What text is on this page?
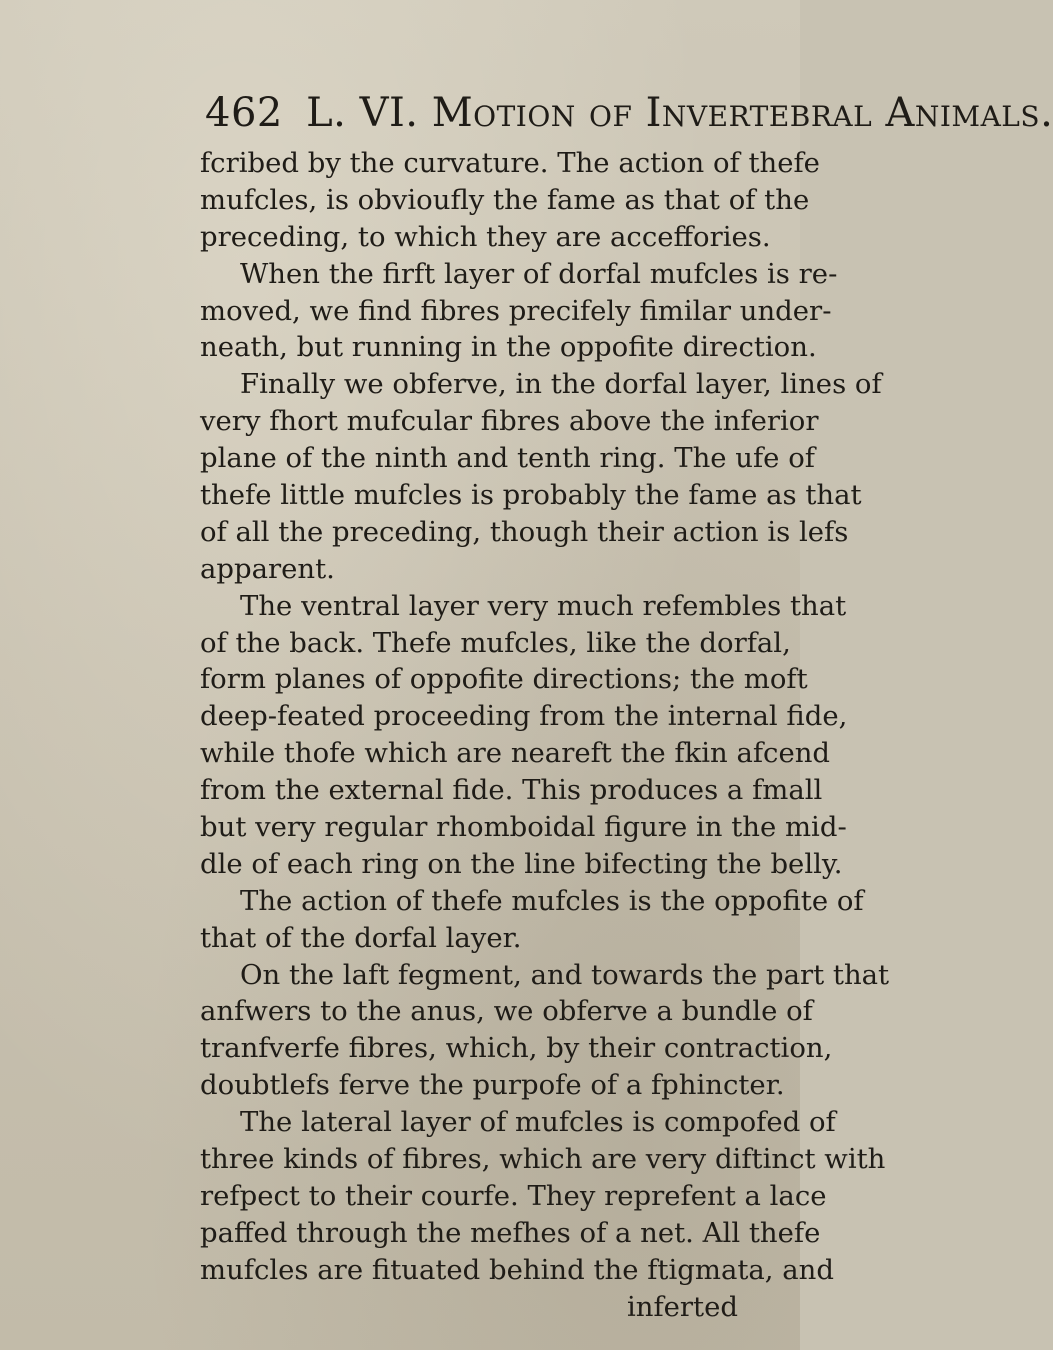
462 L. VI. Motion of Invertebral Animals.
fcribed by the curvature. The action of thefe
mufcles, is obvioufly the fame as that of the
preceding, to which they are acceffories.
When the firft layer of dorfal mufcles is re-
moved, we find fibres precifely fimilar under-
neath, but running in the oppofite direction.
Finally we obferve, in the dorfal layer, lines of
very fhort mufcular fibres above the inferior
plane of the ninth and tenth ring. The ufe of
thefe little mufcles is probably the fame as that
of all the preceding, though their action is lefs
apparent.
The ventral layer very much refembles that
of the back. Thefe mufcles, like the dorfal,
form planes of oppofite directions; the moft
deep-feated proceeding from the internal fide,
while thofe which are neareft the fkin afcend
from the external fide. This produces a fmall
but very regular rhomboidal figure in the mid-
dle of each ring on the line bifecting the belly.
The action of thefe mufcles is the oppofite of
that of the dorfal layer.
On the laft fegment, and towards the part that
anfwers to the anus, we obferve a bundle of
tranfverfe fibres, which, by their contraction,
doubtlefs ferve the purpofe of a fphincter.
The lateral layer of mufcles is compofed of
three kinds of fibres, which are very diftinct with
refpect to their courfe. They reprefent a lace
paffed through the mefhes of a net. All thefe
mufcles are fituated behind the ftigmata, and
inferted
